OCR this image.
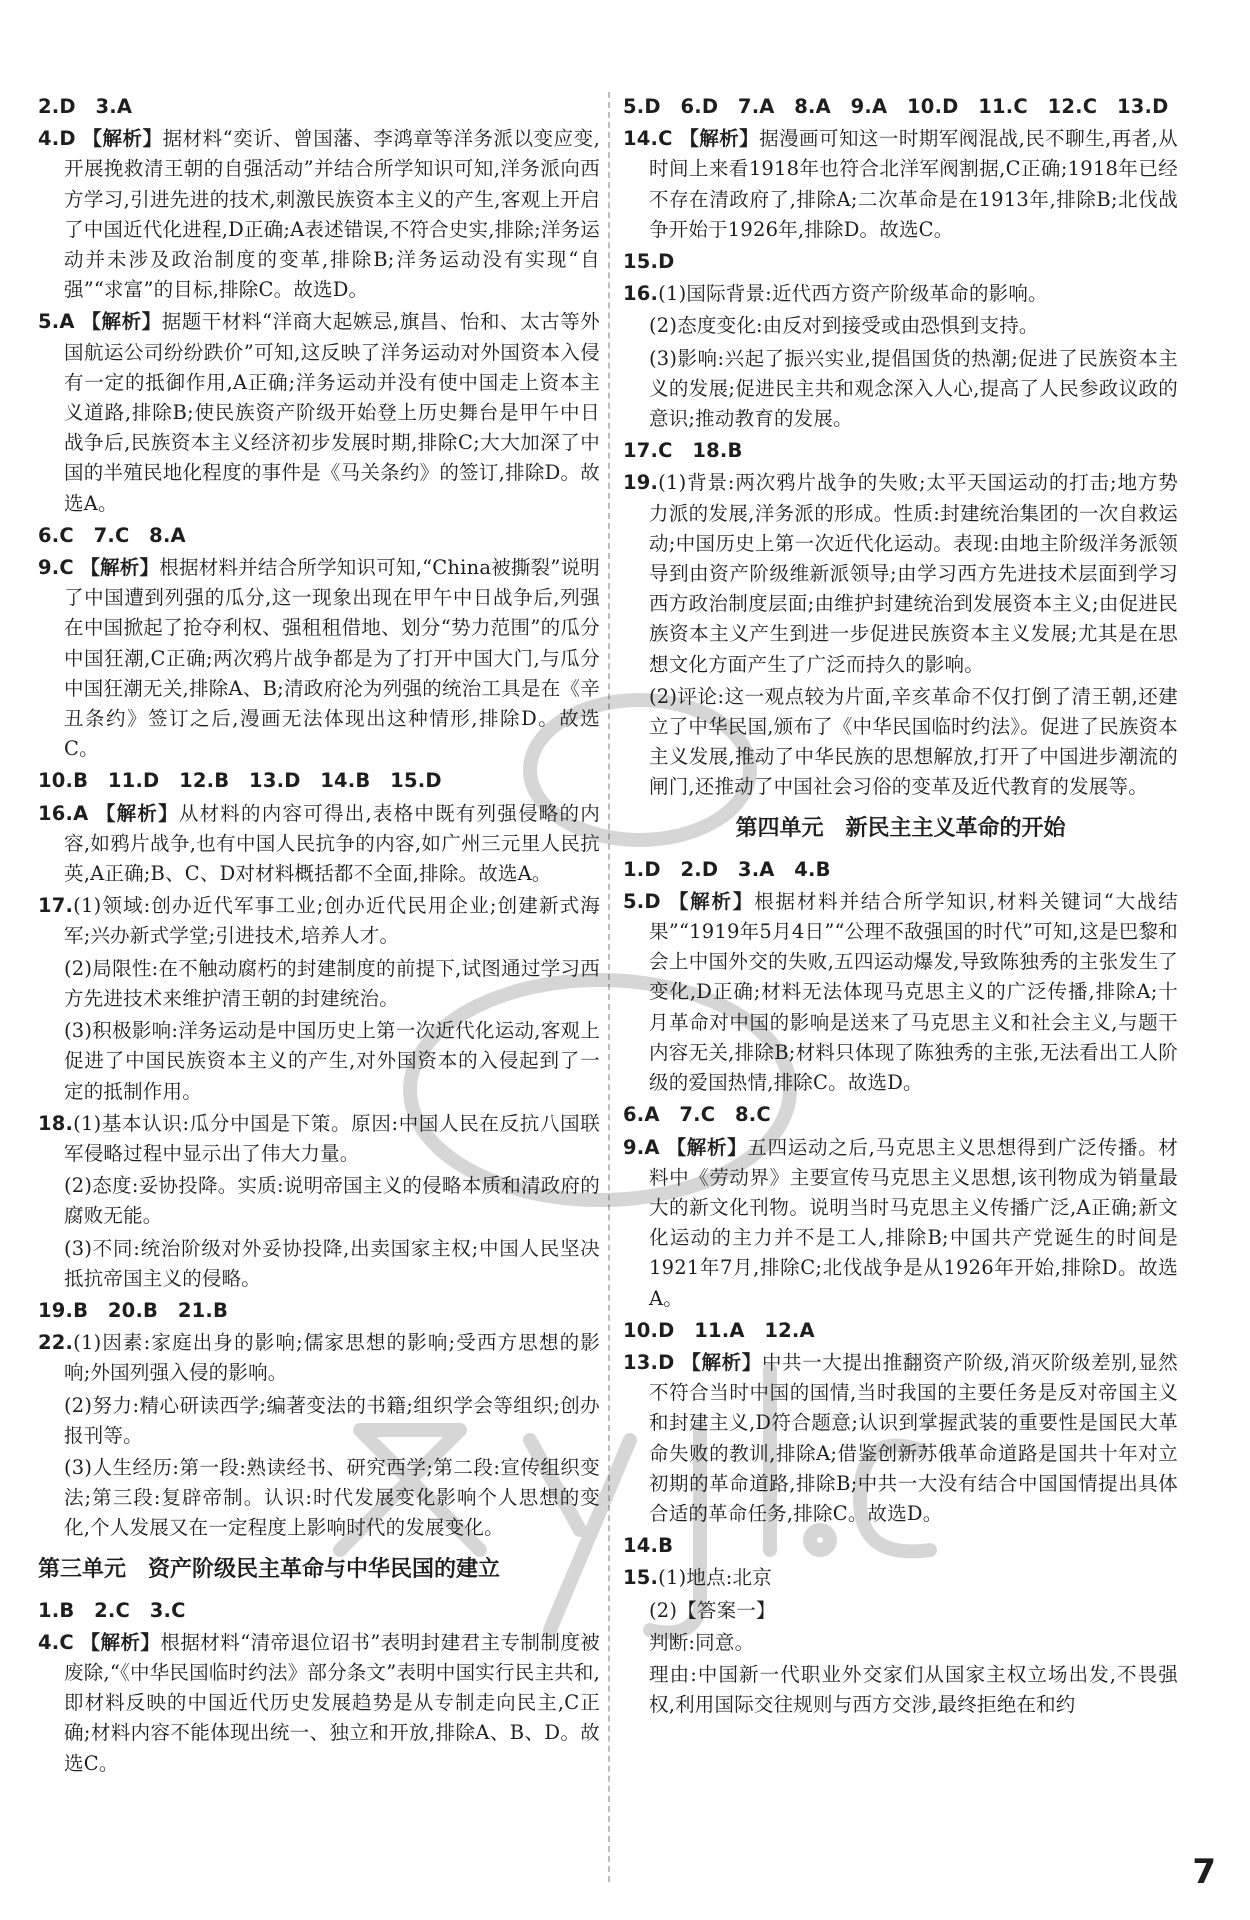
2.D　3.A
4.D 【解析】据材料“奕䜣、曾国藩、李鸿章等洋务派以变应变,开展挽救清王朝的自强活动”并结合所学知识可知,洋务派向西方学习,引进先进的技术,刺激民族资本主义的产生,客观上开启了中国近代化进程,D正确;A表述错误,不符合史实,排除;洋务运动并未涉及政治制度的变革,排除B;洋务运动没有实现“自强”“求富”的目标,排除C。故选D。
5.A 【解析】据题干材料“洋商大起嫉忌,旗昌、怡和、太古等外国航运公司纷纷跌价”可知,这反映了洋务运动对外国资本入侵有一定的抵御作用,A正确;洋务运动并没有使中国走上资本主义道路,排除B;使民族资产阶级开始登上历史舞台是甲午中日战争后,民族资本主义经济初步发展时期,排除C;大大加深了中国的半殖民地化程度的事件是《马关条约》的签订,排除D。故选A。
6.C　7.C　8.A
9.C 【解析】根据材料并结合所学知识可知,“China被撕裂”说明了中国遭到列强的瓜分,这一现象出现在甲午中日战争后,列强在中国掀起了抢夺利权、强租租借地、划分“势力范围”的瓜分中国狂潮,C正确;两次鸦片战争都是为了打开中国大门,与瓜分中国狂潮无关,排除A、B;清政府沦为列强的统治工具是在《辛丑条约》签订之后,漫画无法体现出这种情形,排除D。故选C。
10.B　11.D　12.B　13.D　14.B　15.D
16.A 【解析】从材料的内容可得出,表格中既有列强侵略的内容,如鸦片战争,也有中国人民抗争的内容,如广州三元里人民抗英,A正确;B、C、D对材料概括都不全面,排除。故选A。
17.(1)领域:创办近代军事工业;创办近代民用企业;创建新式海军;兴办新式学堂;引进技术,培养人才。
(2)局限性:在不触动腐朽的封建制度的前提下,试图通过学习西方先进技术来维护清王朝的封建统治。
(3)积极影响:洋务运动是中国历史上第一次近代化运动,客观上促进了中国民族资本主义的产生,对外国资本的入侵起到了一定的抵制作用。
18.(1)基本认识:瓜分中国是下策。原因:中国人民在反抗八国联军侵略过程中显示出了伟大力量。
(2)态度:妥协投降。实质:说明帝国主义的侵略本质和清政府的腐败无能。
(3)不同:统治阶级对外妥协投降,出卖国家主权;中国人民坚决抵抗帝国主义的侵略。
19.B　20.B　21.B
22.(1)因素:家庭出身的影响;儒家思想的影响;受西方思想的影响;外国列强入侵的影响。
(2)努力:精心研读西学;编著变法的书籍;组织学会等组织;创办报刊等。
(3)人生经历:第一段:熟读经书、研究西学;第二段:宣传组织变法;第三段:复辟帝制。认识:时代发展变化影响个人思想的变化,个人发展又在一定程度上影响时代的发展变化。
第三单元　资产阶级民主革命与中华民国的建立
1.B　2.C　3.C
4.C 【解析】根据材料“清帝退位诏书”表明封建君主专制制度被废除,“《中华民国临时约法》部分条文”表明中国实行民主共和,即材料反映的中国近代历史发展趋势是从专制走向民主,C正确;材料内容不能体现出统一、独立和开放,排除A、B、D。故选C。
5.D　6.D　7.A　8.A　9.A　10.D　11.C　12.C　13.D
14.C 【解析】据漫画可知这一时期军阀混战,民不聊生,再者,从时间上来看1918年也符合北洋军阀割据,C正确;1918年已经不存在清政府了,排除A;二次革命是在1913年,排除B;北伐战争开始于1926年,排除D。故选C。
15.D
16.(1)国际背景:近代西方资产阶级革命的影响。
(2)态度变化:由反对到接受或由恐惧到支持。
(3)影响:兴起了振兴实业,提倡国货的热潮;促进了民族资本主义的发展;促进民主共和观念深入人心,提高了人民参政议政的意识;推动教育的发展。
17.C　18.B
19.(1)背景:两次鸦片战争的失败;太平天国运动的打击;地方势力派的发展,洋务派的形成。性质:封建统治集团的一次自救运动;中国历史上第一次近代化运动。表现:由地主阶级洋务派领导到由资产阶级维新派领导;由学习西方先进技术层面到学习西方政治制度层面;由维护封建统治到发展资本主义;由促进民族资本主义产生到进一步促进民族资本主义发展;尤其是在思想文化方面产生了广泛而持久的影响。
(2)评论:这一观点较为片面,辛亥革命不仅打倒了清王朝,还建立了中华民国,颁布了《中华民国临时约法》。促进了民族资本主义发展,推动了中华民族的思想解放,打开了中国进步潮流的闸门,还推动了中国社会习俗的变革及近代教育的发展等。
第四单元　新民主主义革命的开始
1.D　2.D　3.A　4.B
5.D 【解析】根据材料并结合所学知识,材料关键词“大战结果”“1919年5月4日”“公理不敌强国的时代”可知,这是巴黎和会上中国外交的失败,五四运动爆发,导致陈独秀的主张发生了变化,D正确;材料无法体现马克思主义的广泛传播,排除A;十月革命对中国的影响是送来了马克思主义和社会主义,与题干内容无关,排除B;材料只体现了陈独秀的主张,无法看出工人阶级的爱国热情,排除C。故选D。
6.A　7.C　8.C
9.A 【解析】五四运动之后,马克思主义思想得到广泛传播。材料中《劳动界》主要宣传马克思主义思想,该刊物成为销量最大的新文化刊物。说明当时马克思主义传播广泛,A正确;新文化运动的主力并不是工人,排除B;中国共产党诞生的时间是1921年7月,排除C;北伐战争是从1926年开始,排除D。故选A。
10.D　11.A　12.A
13.D 【解析】中共一大提出推翻资产阶级,消灭阶级差别,显然不符合当时中国的国情,当时我国的主要任务是反对帝国主义和封建主义,D符合题意;认识到掌握武装的重要性是国民大革命失败的教训,排除A;借鉴创新苏俄革命道路是国共十年对立初期的革命道路,排除B;中共一大没有结合中国国情提出具体合适的革命任务,排除C。故选D。
14.B
15.(1)地点:北京
(2)【答案一】
判断:同意。
理由:中国新一代职业外交家们从国家主权立场出发,不畏强权,利用国际交往规则与西方交涉,最终拒绝在和约
7
